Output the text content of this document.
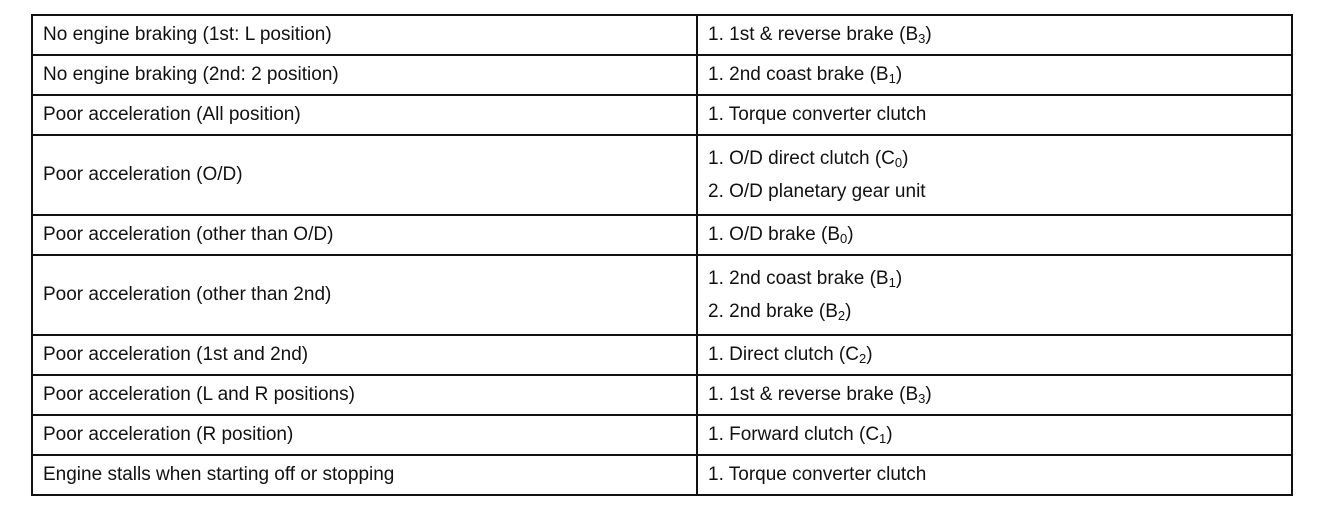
No engine braking (1st: L position)	1. 1st & reverse brake $(B_3)$

No engine braking (2nd: 2 position)	1. 2nd coast brake $(B_1)$

Poor acceleration (All position)	1. Torque converter clutch

Poor acceleration (O/D)	1. O/D direct clutch $(C_0)$
2. O/D planetary gear unit

Poor acceleration (other than O/D)	1. O/D brake $(B_0)$

Poor acceleration (other than 2nd)	1. 2nd coast brake $(B_1)$
2. 2nd brake $(B_2)$

Poor acceleration (1st and 2nd)	1. Direct clutch $(C_2)$

Poor acceleration (L and R positions)	1. 1st & reverse brake $(B_3)$

Poor acceleration (R position)	1. Forward clutch $(C_1)$

Engine stalls when starting off or stopping	1. Torque converter clutch
